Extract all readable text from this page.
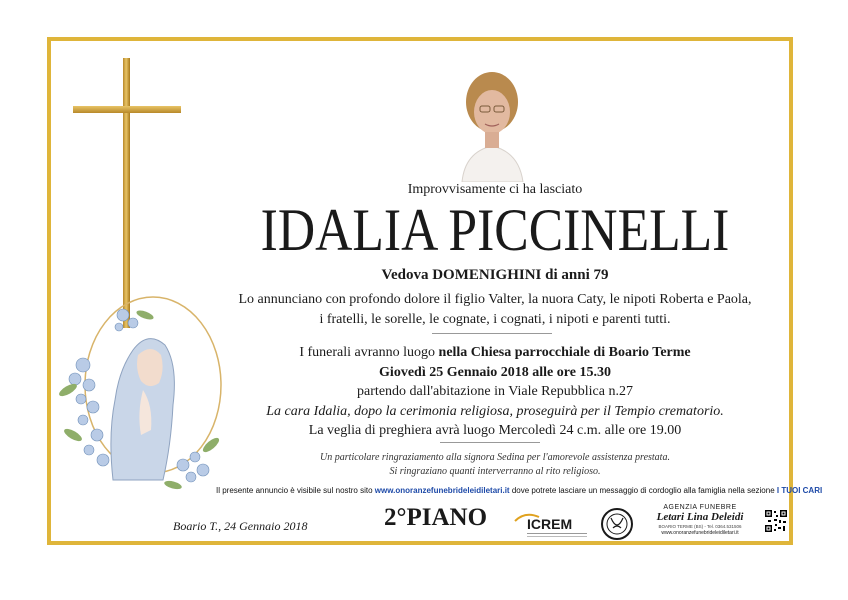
Improvvisamente ci ha lasciato
IDALIA PICCINELLI
Vedova DOMENIGHINI di anni 79
Lo annunciano con profondo dolore il figlio Valter, la nuora Caty, le nipoti Roberta e Paola,
i fratelli, le sorelle, le cognate, i cognati, i nipoti e parenti tutti.
I funerali avranno luogo nella Chiesa parrocchiale di Boario Terme
Giovedì 25 Gennaio 2018 alle ore 15.30
partendo dall'abitazione in Viale Repubblica n.27
La cara Idalia, dopo la cerimonia religiosa, proseguirà per il Tempio crematorio.
La veglia di preghiera avrà luogo Mercoledì 24 c.m. alle ore 19.00
Un particolare ringraziamento alla signora Sedina per l'amorevole assistenza prestata.
Si ringraziano quanti interverranno al rito religioso.
Il presente annuncio è visibile sul nostro sito www.onoranzefunebrideleidiletari.it dove potrete lasciare un messaggio di cordoglio alla famiglia nella sezione I TUOI CARI
Boario T., 24 Gennaio 2018	2°PIANO	ICREM
AGENZIA FUNEBRE
Letari Lina Deleidi
BOARIO TERME (BS) - Tel. 0364.531506
www.onoranzefunebrideleidiletari.it
